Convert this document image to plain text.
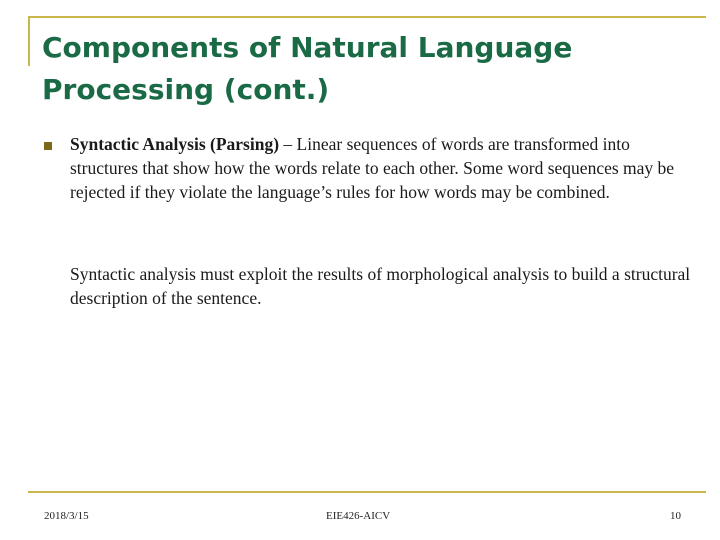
Components of Natural Language
Processing (cont.)

Syntactic Analysis (Parsing) – Linear sequences of words are transformed into structures that show how the words relate to each other. Some word sequences may be rejected if they violate the language’s rules for how words may be combined.

Syntactic analysis must exploit the results of morphological analysis to build a structural description of the sentence.

2018/3/15	EIE426-AICV	10
